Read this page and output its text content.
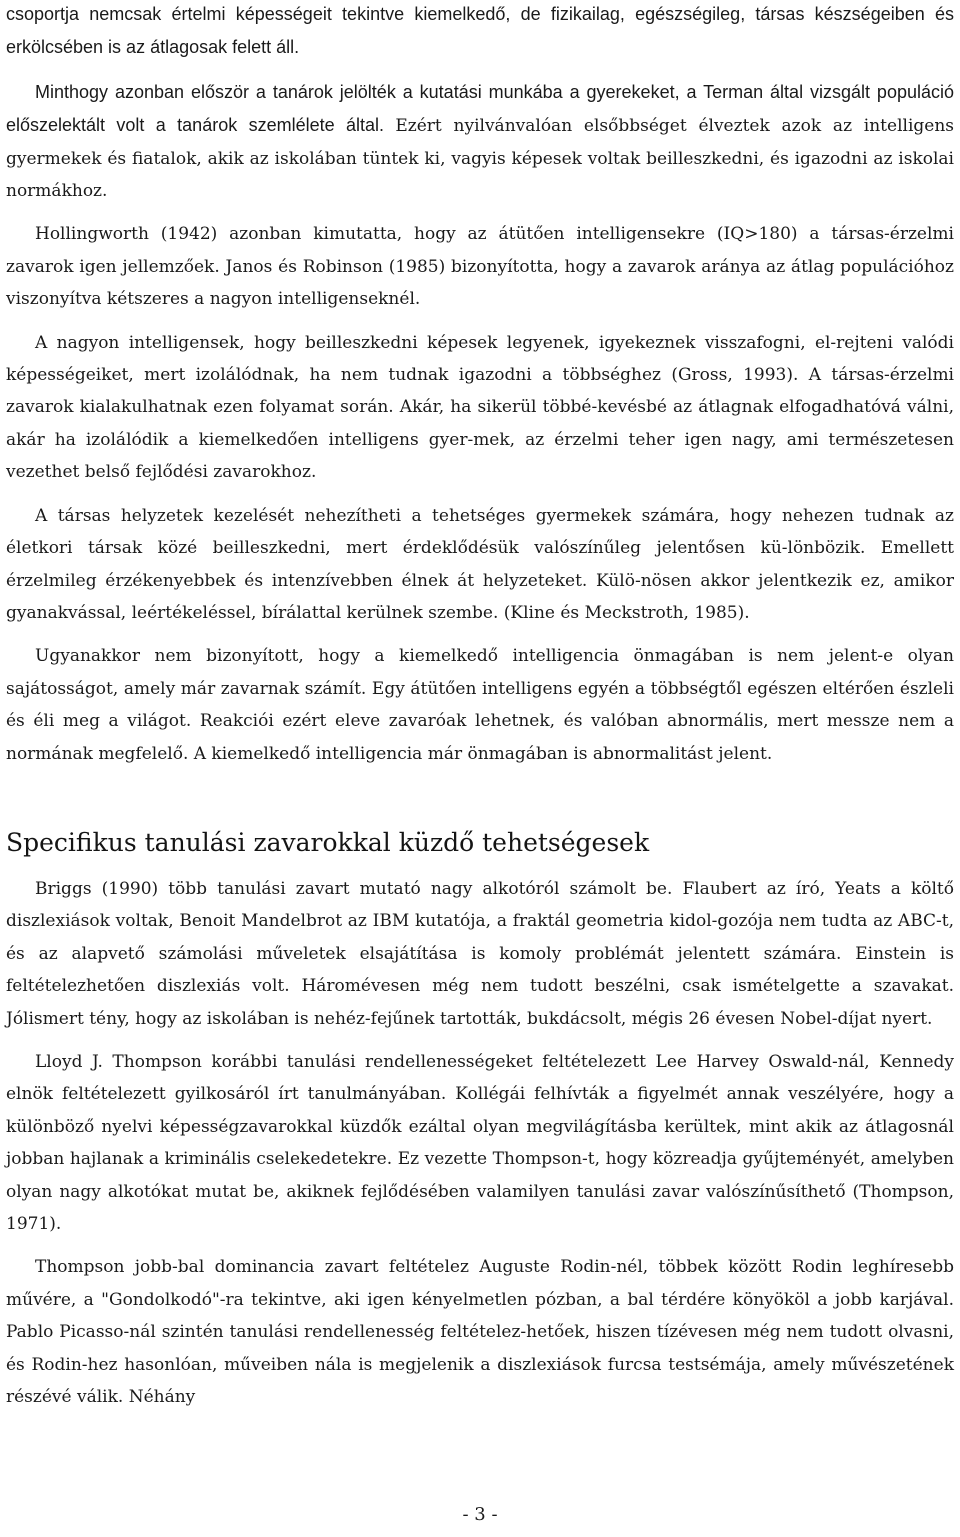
csoportja nemcsak értelmi képességeit tekintve kiemelkedő, de fizikailag, egészségileg, társas készségeiben és erkölcsében is az átlagosak felett áll.

Minthogy azonban először a tanárok jelölték a kutatási munkába a gyerekeket, a Terman által vizsgált populáció előszelektált volt a tanárok szemlélete által. Ezért nyilvánvalóan elsőbbséget élveztek azok az intelligens gyermekek és fiatalok, akik az iskolában tüntek ki, vagyis képesek voltak beilleszkedni, és igazodni az iskolai normákhoz.

Hollingworth (1942) azonban kimutatta, hogy az átütően intelligensekre (IQ>180) a társas-érzelmi zavarok igen jellemzőek. Janos és Robinson (1985) bizonyította, hogy a zavarok aránya az átlag populációhoz viszonyítva kétszeres a nagyon intelligenseknél.

A nagyon intelligensek, hogy beilleszkedni képesek legyenek, igyekeznek visszafogni, el-rejteni valódi képességeiket, mert izolálódnak, ha nem tudnak igazodni a többséghez (Gross, 1993). A társas-érzelmi zavarok kialakulhatnak ezen folyamat során. Akár, ha sikerül többé-kevésbé az átlagnak elfogadhatóvá válni, akár ha izolálódik a kiemelkedően intelligens gyer-mek, az érzelmi teher igen nagy, ami természetesen vezethet belső fejlődési zavarokhoz.

A társas helyzetek kezelését nehezítheti a tehetséges gyermekek számára, hogy nehezen tudnak az életkori társak közé beilleszkedni, mert érdeklődésük valószínűleg jelentősen kü-lönbözik. Emellett érzelmileg érzékenyebbek és intenzívebben élnek át helyzeteket. Külö-nösen akkor jelentkezik ez, amikor gyanakvással, leértékeléssel, bírálattal kerülnek szembe. (Kline és Meckstroth, 1985).

Ugyanakkor nem bizonyított, hogy a kiemelkedő intelligencia önmagában is nem jelent-e olyan sajátosságot, amely már zavarnak számít. Egy átütően intelligens egyén a többségtől egészen eltérően észleli és éli meg a világot. Reakciói ezért eleve zavaróak lehetnek, és valóban abnormális, mert messze nem a normának megfelelő. A kiemelkedő intelligencia már önmagában is abnormalitást jelent.

Specifikus tanulási zavarokkal küzdő tehetségesek

Briggs (1990) több tanulási zavart mutató nagy alkotóról számolt be. Flaubert az író, Yeats a költő diszlexiások voltak, Benoit Mandelbrot az IBM kutatója, a fraktál geometria kidol-gozója nem tudta az ABC-t, és az alapvető számolási műveletek elsajátítása is komoly problémát jelentett számára. Einstein is feltételezhetően diszlexiás volt. Háromévesen még nem tudott beszélni, csak ismételgette a szavakat. Jólismert tény, hogy az iskolában is nehéz-fejűnek tartották, bukdácsolt, mégis 26 évesen Nobel-díjat nyert.

Lloyd J. Thompson korábbi tanulási rendellenességeket feltételezett Lee Harvey Oswald-nál, Kennedy elnök feltételezett gyilkosáról írt tanulmányában. Kollégái felhívták a figyelmét annak veszélyére, hogy a különböző nyelvi képességzavarokkal küzdők ezáltal olyan megvilágításba kerültek, mint akik az átlagosnál jobban hajlanak a kriminális cselekedetekre. Ez vezette Thompson-t, hogy közreadja gyűjteményét, amelyben olyan nagy alkotókat mutat be, akiknek fejlődésében valamilyen tanulási zavar valószínűsíthető (Thompson, 1971).

Thompson jobb-bal dominancia zavart feltételez Auguste Rodin-nél, többek között Rodin leghíresebb művére, a "Gondolkodó"-ra tekintve, aki igen kényelmetlen pózban, a bal térdére könyököl a jobb karjával. Pablo Picasso-nál szintén tanulási rendellenesség feltételez-hetőek, hiszen tízévesen még nem tudott olvasni, és Rodin-hez hasonlóan, műveiben nála is megjelenik a diszlexiások furcsa testsémája, amely művészetének részévé válik. Néhány

- 3 -
